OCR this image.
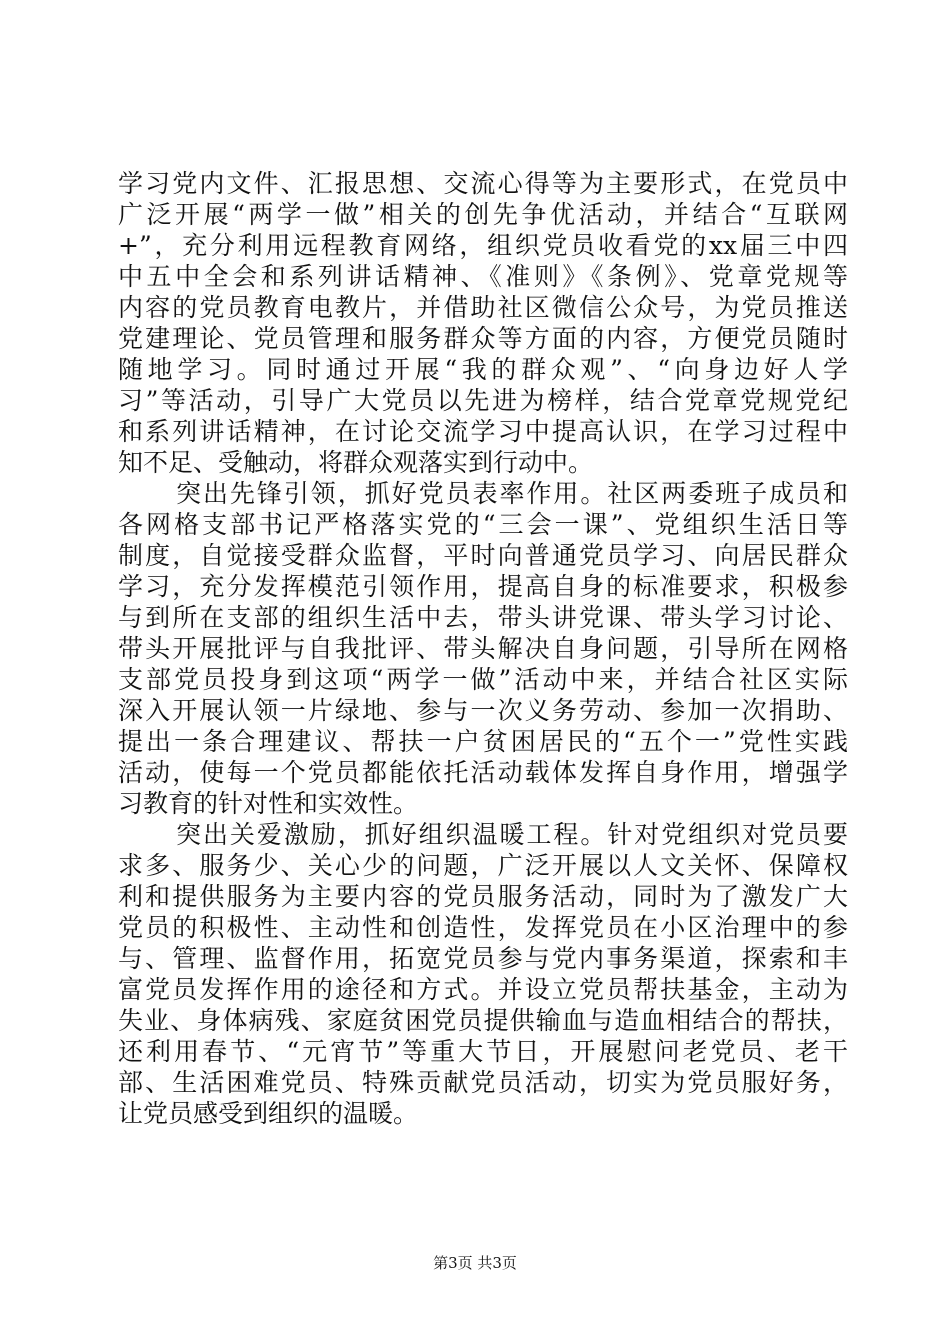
学习党内文件、汇报思想、交流心得等为主要形式，在党员中
广泛开展“两学一做”相关的创先争优活动，并结合“互联网
+”，充分利用远程教育网络，组织党员收看党的xx届三中四
中五中全会和系列讲话精神、《准则》《条例》、党章党规等
内容的党员教育电教片，并借助社区微信公众号，为党员推送
党建理论、党员管理和服务群众等方面的内容，方便党员随时
随地学习。同时通过开展“我的群众观”、“向身边好人学
习”等活动，引导广大党员以先进为榜样，结合党章党规党纪
和系列讲话精神，在讨论交流学习中提高认识，在学习过程中
知不足、受触动，将群众观落实到行动中。
突出先锋引领，抓好党员表率作用。社区两委班子成员和
各网格支部书记严格落实党的“三会一课”、党组织生活日等
制度，自觉接受群众监督，平时向普通党员学习、向居民群众
学习，充分发挥模范引领作用，提高自身的标准要求，积极参
与到所在支部的组织生活中去，带头讲党课、带头学习讨论、
带头开展批评与自我批评、带头解决自身问题，引导所在网格
支部党员投身到这项“两学一做”活动中来，并结合社区实际
深入开展认领一片绿地、参与一次义务劳动、参加一次捐助、
提出一条合理建议、帮扶一户贫困居民的“五个一”党性实践
活动，使每一个党员都能依托活动载体发挥自身作用，增强学
习教育的针对性和实效性。
突出关爱激励，抓好组织温暖工程。针对党组织对党员要
求多、服务少、关心少的问题，广泛开展以人文关怀、保障权
利和提供服务为主要内容的党员服务活动，同时为了激发广大
党员的积极性、主动性和创造性，发挥党员在小区治理中的参
与、管理、监督作用，拓宽党员参与党内事务渠道，探索和丰
富党员发挥作用的途径和方式。并设立党员帮扶基金，主动为
失业、身体病残、家庭贫困党员提供输血与造血相结合的帮扶，
还利用春节、“元宵节”等重大节日，开展慰问老党员、老干
部、生活困难党员、特殊贡献党员活动，切实为党员服好务，
让党员感受到组织的温暖。
第3页 共3页
